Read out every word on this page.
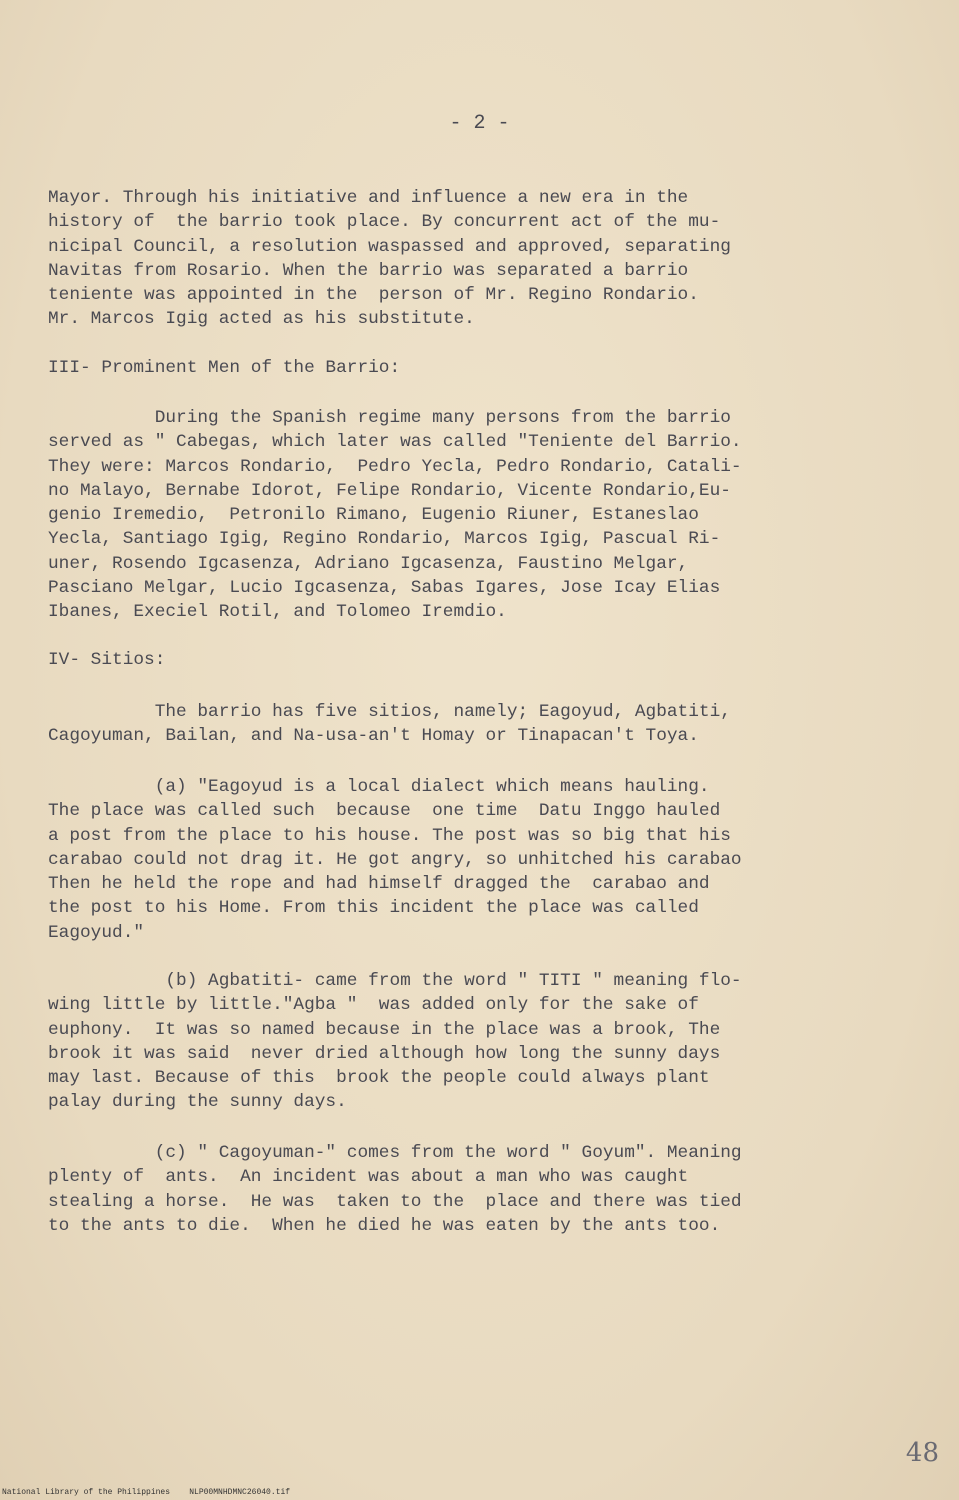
- 2 -
Mayor. Through his initiative and influence a new era in the
history of  the barrio took place. By concurrent act of the mu-
nicipal Council, a resolution waspassed and approved, separating
Navitas from Rosario. When the barrio was separated a barrio
teniente was appointed in the  person of Mr. Regino Rondario.
Mr. Marcos Igig acted as his substitute.
III- Prominent Men of the Barrio:
During the Spanish regime many persons from the barrio
served as " Cabegas, which later was called "Teniente del Barrio.
They were: Marcos Rondario,  Pedro Yecla, Pedro Rondario, Catali-
no Malayo, Bernabe Idorot, Felipe Rondario, Vicente Rondario,Eu-
genio Iremedio,  Petronilo Rimano, Eugenio Riuner, Estaneslao
Yecla, Santiago Igig, Regino Rondario, Marcos Igig, Pascual Ri-
uner, Rosendo Igcasenza, Adriano Igcasenza, Faustino Melgar,
Pasciano Melgar, Lucio Igcasenza, Sabas Igares, Jose Icay Elias
Ibanes, Execiel Rotil, and Tolomeo Iremdio.
IV- Sitios:
The barrio has five sitios, namely; Eagoyud, Agbatiti,
Cagoyuman, Bailan, and Na-usa-an't Homay or Tinapacan't Toya.
(a) "Eagoyud is a local dialect which means hauling.
The place was called such  because  one time  Datu Inggo hauled
a post from the place to his house. The post was so big that his
carabao could not drag it. He got angry, so unhitched his carabao
Then he held the rope and had himself dragged the  carabao and
the post to his Home. From this incident the place was called
Eagoyud."
(b) Agbatiti- came from the word " TITI " meaning flo-
wing little by little."Agba "  was added only for the sake of
euphony.  It was so named because in the place was a brook, The
brook it was said  never dried although how long the sunny days
may last. Because of this  brook the people could always plant
palay during the sunny days.
(c) " Cagoyuman-" comes from the word " Goyum". Meaning
plenty of  ants.  An incident was about a man who was caught
stealing a horse.  He was  taken to the  place and there was tied
to the ants to die.  When he died he was eaten by the ants too.
48
National Library of the Philippines    NLP00MNHDMNC26040.tif
